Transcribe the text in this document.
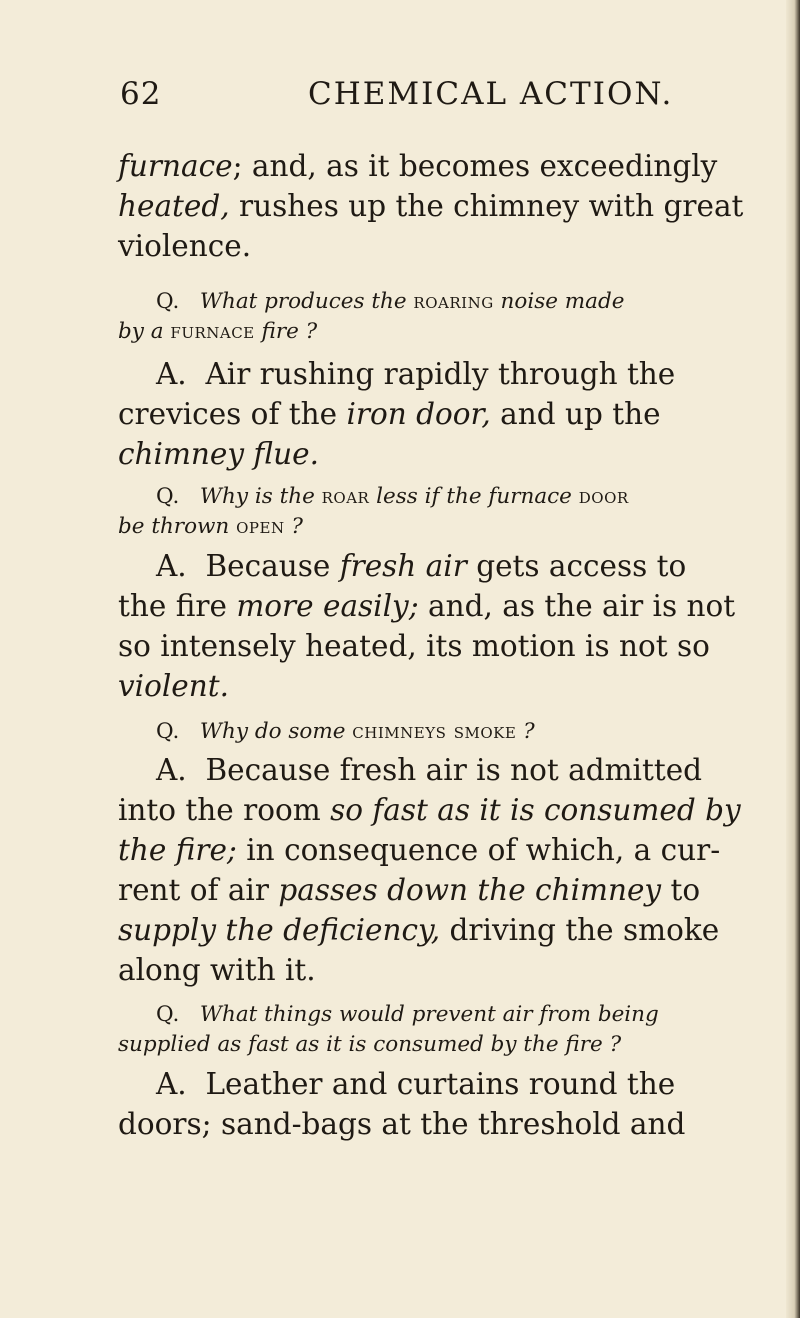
62	CHEMICAL ACTION.

furnace; and, as it becomes exceedingly
heated, rushes up the chimney with great
violence.

Q. What produces the roaring noise made
by a furnace fire ?

A. Air rushing rapidly through the
crevices of the iron door, and up the
chimney flue.

Q. Why is the roar less if the furnace door
be thrown open ?

A. Because fresh air gets access to
the fire more easily; and, as the air is not
so intensely heated, its motion is not so
violent.

Q. Why do some chimneys smoke ?

A. Because fresh air is not admitted
into the room so fast as it is consumed by
the fire; in consequence of which, a cur-
rent of air passes down the chimney to
supply the deficiency, driving the smoke
along with it.

Q. What things would prevent air from being
supplied as fast as it is consumed by the fire ?

A. Leather and curtains round the
doors; sand-bags at the threshold and
